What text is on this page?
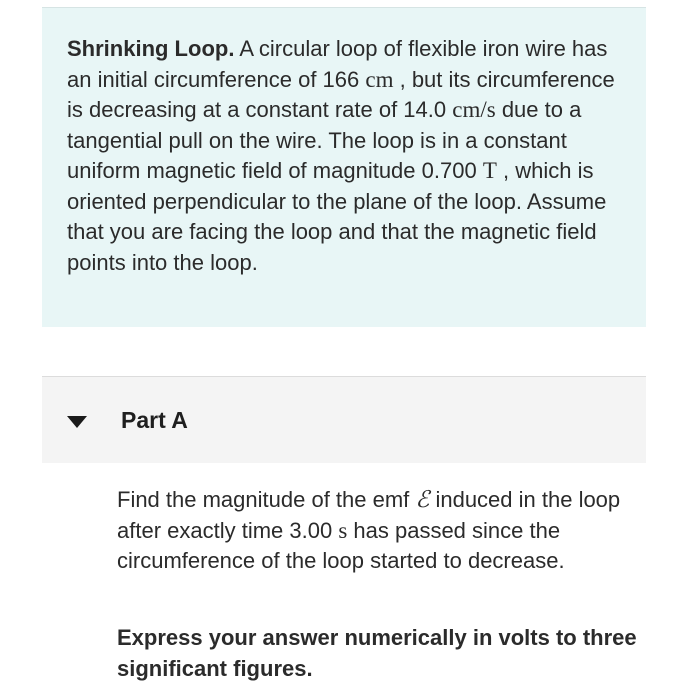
Shrinking Loop. A circular loop of flexible iron wire has an initial circumference of 166 cm , but its circumference is decreasing at a constant rate of 14.0 cm/s due to a tangential pull on the wire. The loop is in a constant uniform magnetic field of magnitude 0.700 T , which is oriented perpendicular to the plane of the loop. Assume that you are facing the loop and that the magnetic field points into the loop.

Part A

Find the magnitude of the emf ℰ induced in the loop after exactly time 3.00 s has passed since the circumference of the loop started to decrease.

Express your answer numerically in volts to three significant figures.
